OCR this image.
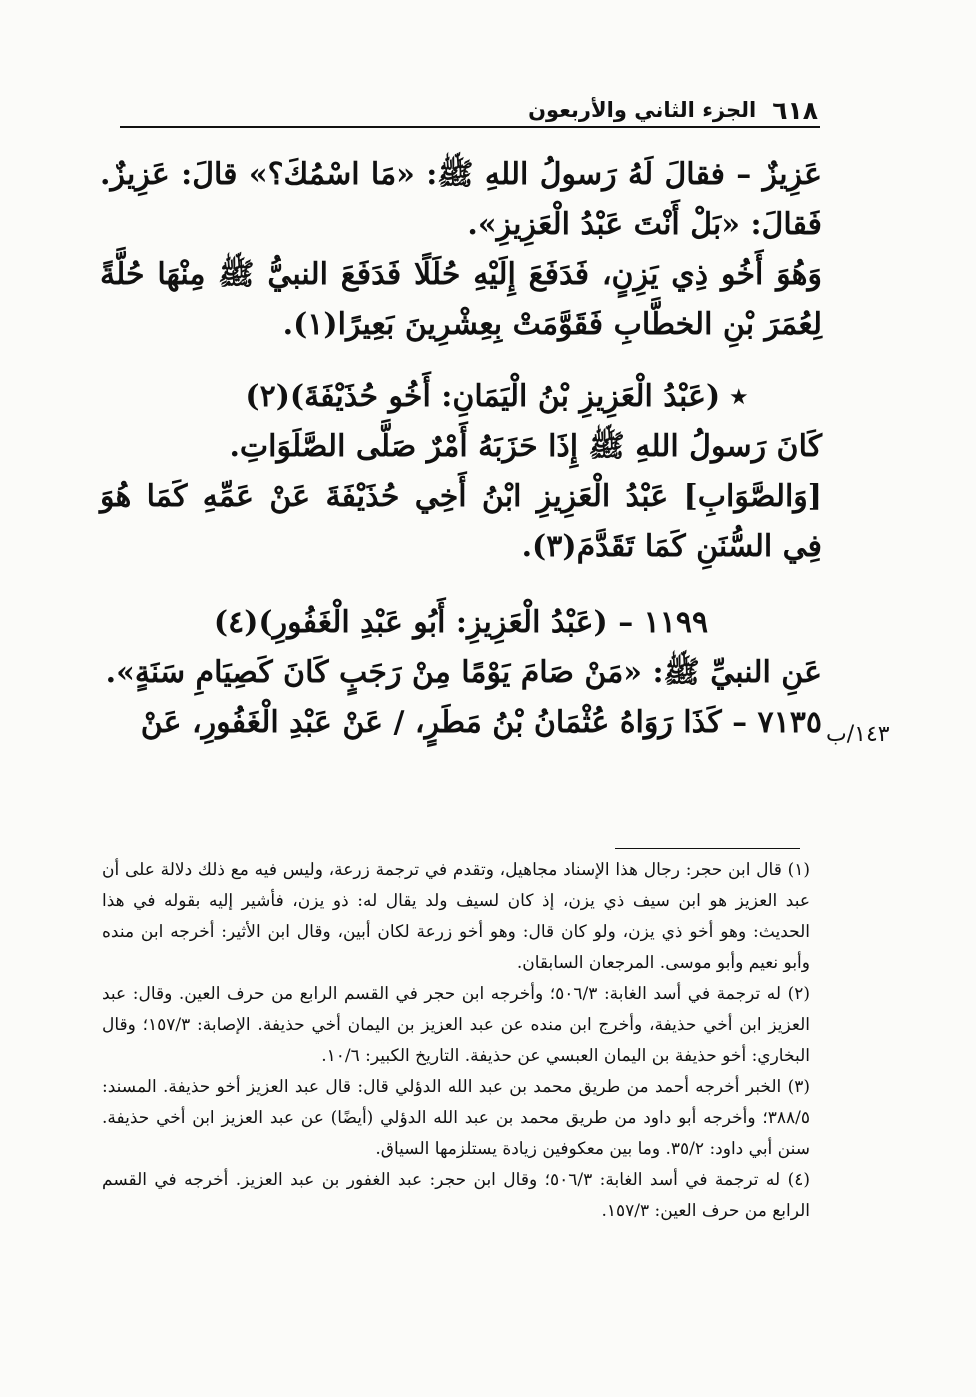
٦١٨
الجزء الثاني والأربعون

عَزِيزٌ – فقالَ لَهُ رَسولُ اللهِ ﷺ: «مَا اسْمُكَ؟» قالَ: عَزِيزٌ. فَقالَ: «بَلْ أَنْتَ عَبْدُ الْعَزِيزِ».

وَهُوَ أَخُو ذِي يَزِنٍ، فَدَفَعَ إِلَيْهِ حُلَلًا فَدَفَعَ النبيُّ ﷺ مِنْهَا حُلَّةً لِعُمَرَ بْنِ الخطَّابِ فَقَوَّمَتْ بِعِشْرِينَ بَعِيرًا(١).

٭ (عَبْدُ الْعَزِيزِ بْنُ الْيَمَانِ: أَخُو حُذَيْفَةَ)(٢)

كَانَ رَسولُ اللهِ ﷺ إِذَا حَزَبَهُ أَمْرٌ صَلَّى الصَّلَوَاتِ.

[وَالصَّوَابِ] عَبْدُ الْعَزِيزِ ابْنُ أَخِي حُذَيْفَةَ عَنْ عَمِّهِ كَمَا هُوَ فِي السُّنَنِ كَمَا تَقَدَّمَ(٣).

١١٩٩ – (عَبْدُ الْعَزِيزِ: أَبُو عَبْدِ الْغَفُورِ)(٤)

عَنِ النبيِّ ﷺ: «مَنْ صَامَ يَوْمًا مِنْ رَجَبٍ كَانَ كَصِيَامِ سَنَةٍ».

٧١٣٥ – كَذَا رَوَاهُ عُثْمَانُ بْنُ مَطَرٍ، / عَنْ عَبْدِ الْغَفُورِ، عَنْ ١٤٣/ب

(١) قال ابن حجر: رجال هذا الإسناد مجاهيل، وتقدم في ترجمة زرعة، وليس فيه مع ذلك دلالة على أن عبد العزيز هو ابن سيف ذي يزن، إذ كان لسيف ولد يقال له: ذو يزن، فأشير إليه بقوله في هذا الحديث: وهو أخو ذي يزن، ولو كان قال: وهو أخو زرعة لكان أبين، وقال ابن الأثير: أخرجه ابن منده وأبو نعيم وأبو موسى. المرجعان السابقان.

(٢) له ترجمة في أسد الغابة: ٥٠٦/٣؛ وأخرجه ابن حجر في القسم الرابع من حرف العين. وقال: عبد العزيز ابن أخي حذيفة، وأخرج ابن منده عن عبد العزيز بن اليمان أخي حذيفة. الإصابة: ١٥٧/٣؛ وقال البخاري: أخو حذيفة بن اليمان العبسي عن حذيفة. التاريخ الكبير: ١٠/٦.

(٣) الخبر أخرجه أحمد من طريق محمد بن عبد الله الدؤلي قال: قال عبد العزيز أخو حذيفة. المسند: ٣٨٨/٥؛ وأخرجه أبو داود من طريق محمد بن عبد الله الدؤلي (أيضًا) عن عبد العزيز ابن أخي حذيفة. سنن أبي داود: ٣٥/٢. وما بين معكوفين زيادة يستلزمها السياق.

(٤) له ترجمة في أسد الغابة: ٥٠٦/٣؛ وقال ابن حجر: عبد الغفور بن عبد العزيز. أخرجه في القسم الرابع من حرف العين: ١٥٧/٣.
